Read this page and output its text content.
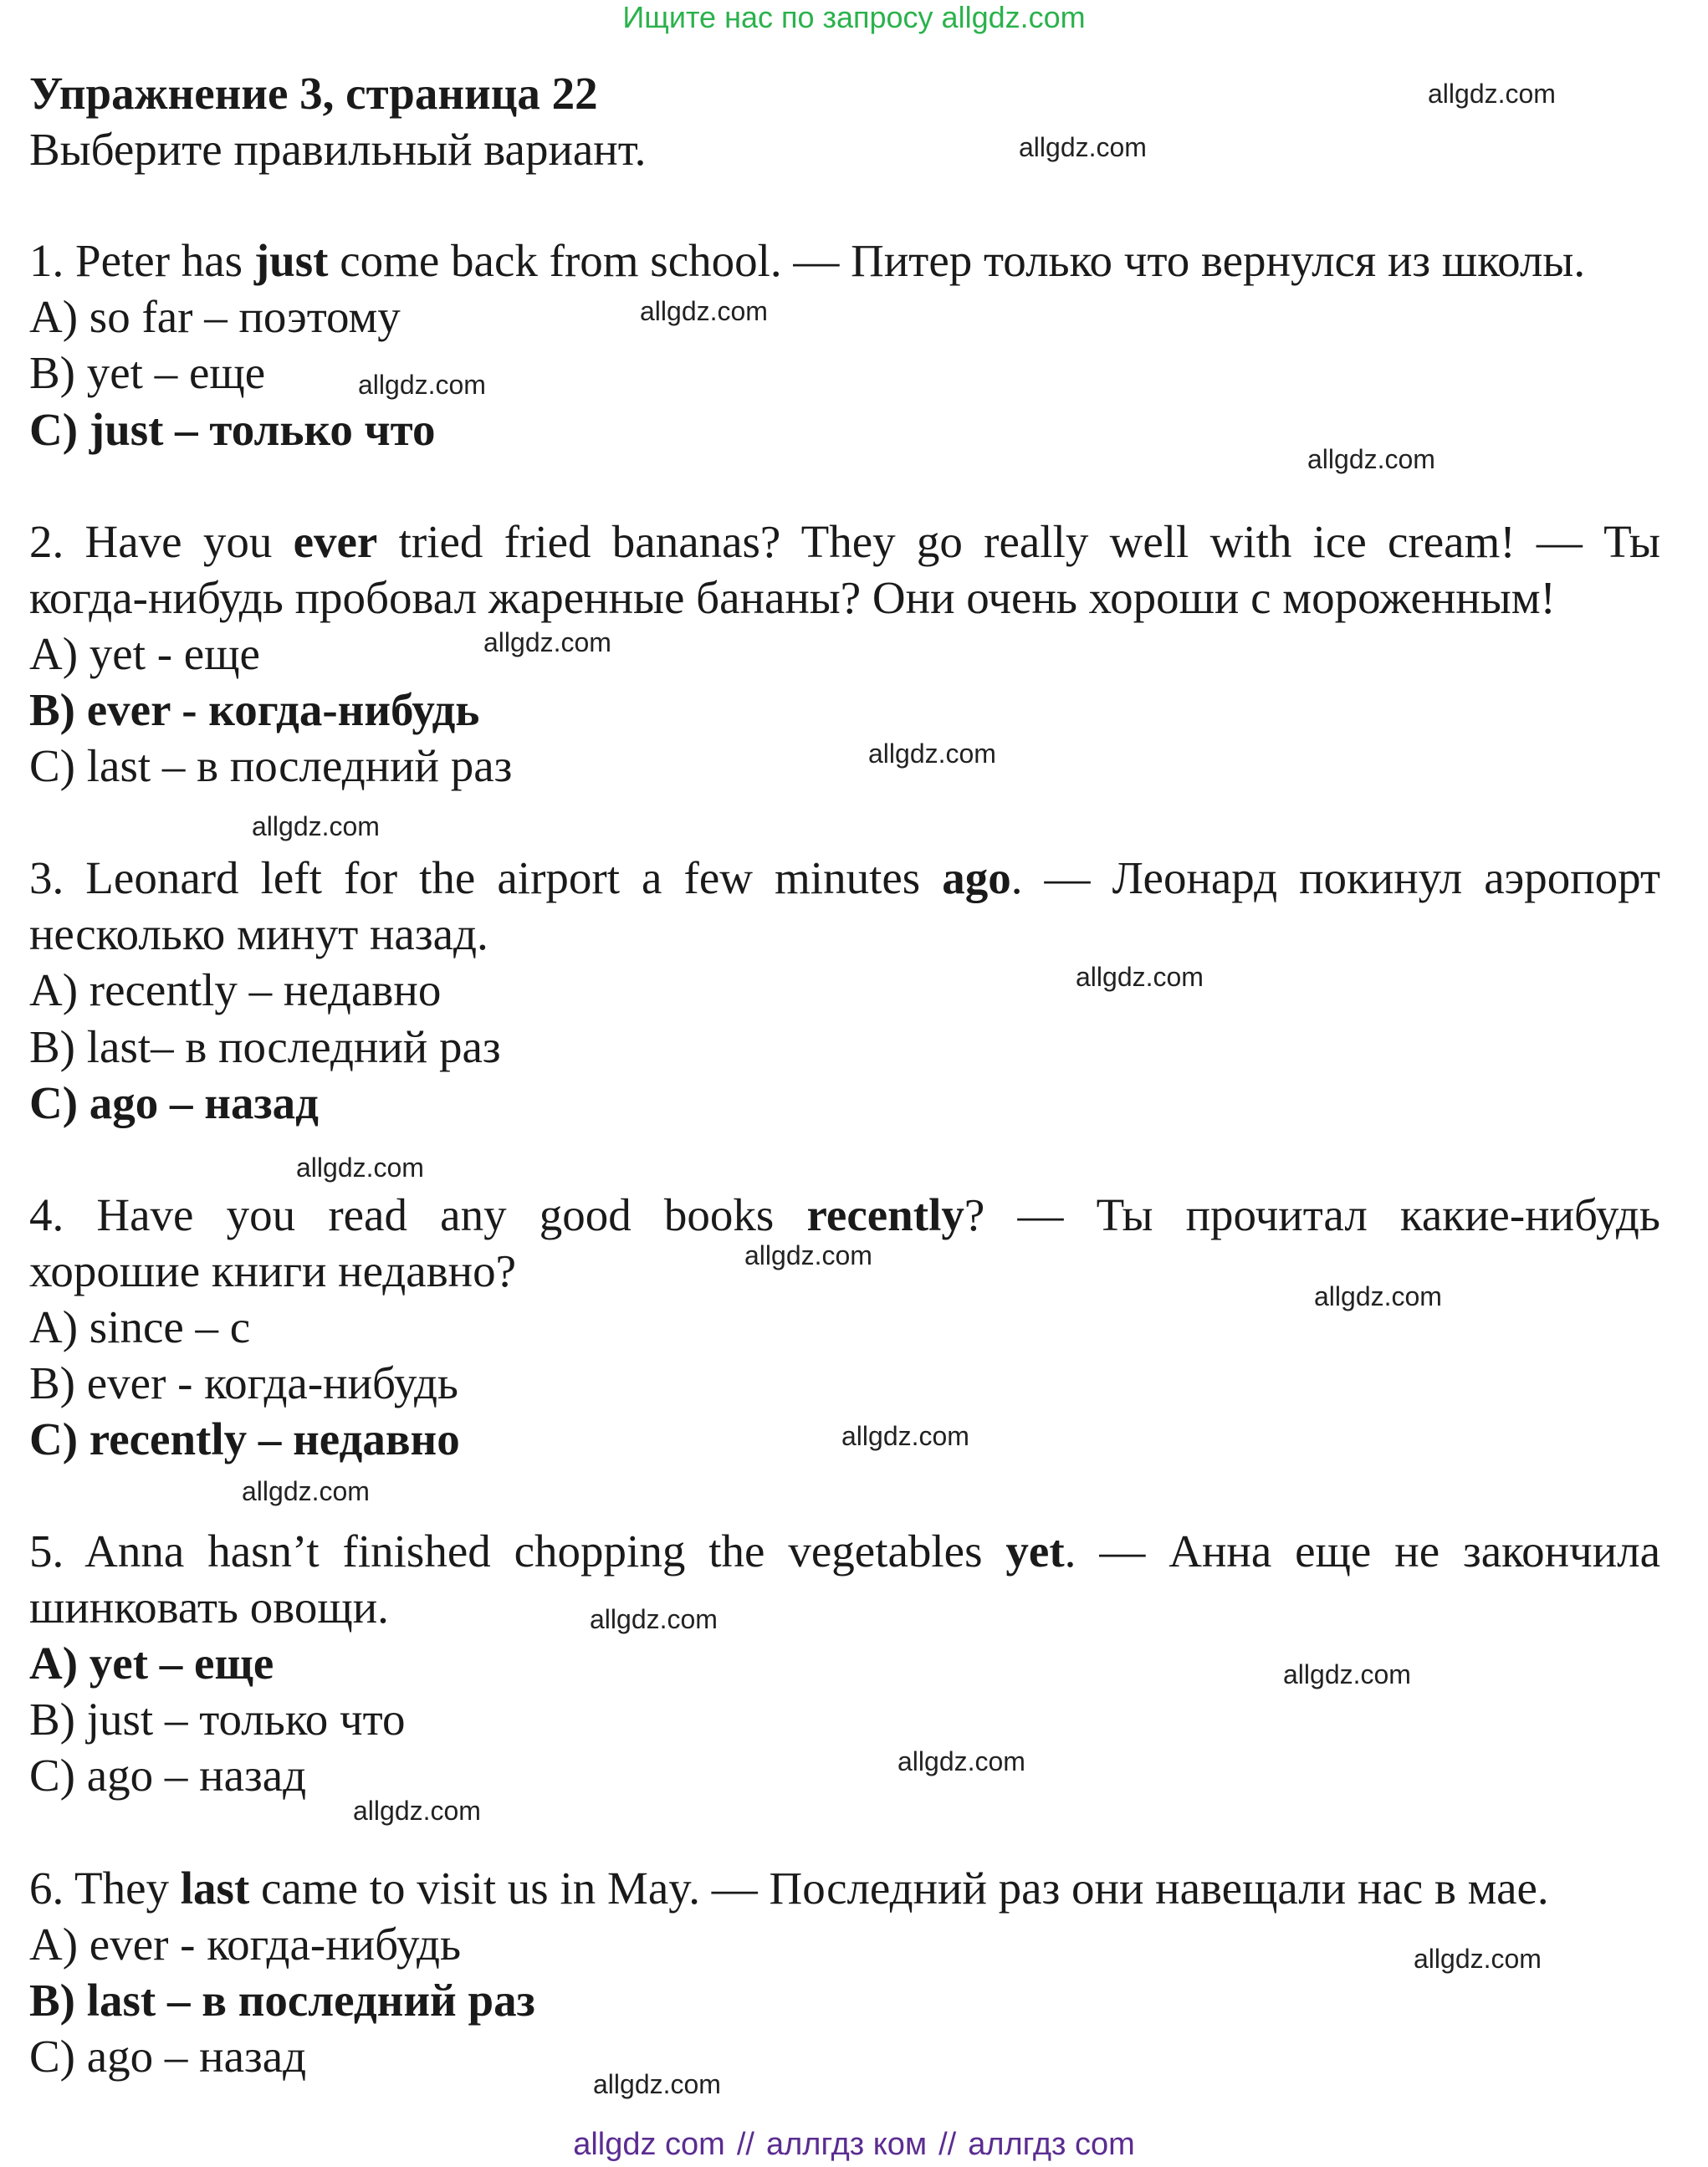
Ищите нас по запросу allgdz.com
Упражнение 3, страница 22
Выберите правильный вариант.
1. Peter has just come back from school. — Питер только что вернулся из школы.
A) so far – поэтому
B) yet – еще
C) just – только что
2. Have you ever tried fried bananas? They go really well with ice cream! — Ты
когда-нибудь пробовал жаренные бананы? Они очень хороши с мороженным!
A) yet - еще
B) ever - когда-нибудь
C) last – в последний раз
3. Leonard left for the airport a few minutes ago. — Леонард покинул аэропорт
несколько минут назад.
A) recently – недавно
B) last– в последний раз
C) ago – назад
4. Have you read any good books recently? — Ты прочитал какие-нибудь
хорошие книги недавно?
A) since – с
B) ever - когда-нибудь
C) recently – недавно
5. Anna hasn’t finished chopping the vegetables yet. — Анна еще не закончила
шинковать овощи.
A) yet – еще
B) just – только что
C) ago – назад
6. They last came to visit us in May. — Последний раз они навещали нас в мае.
A) ever - когда-нибудь
B) last – в последний раз
C) ago – назад
allgdz.com
allgdz.com
allgdz.com
allgdz.com
allgdz.com
allgdz.com
allgdz.com
allgdz.com
allgdz.com
allgdz.com
allgdz.com
allgdz.com
allgdz.com
allgdz.com
allgdz.com
allgdz.com
allgdz.com
allgdz.com
allgdz.com
allgdz.com
allgdz com // аллгдз ком // аллгдз com
